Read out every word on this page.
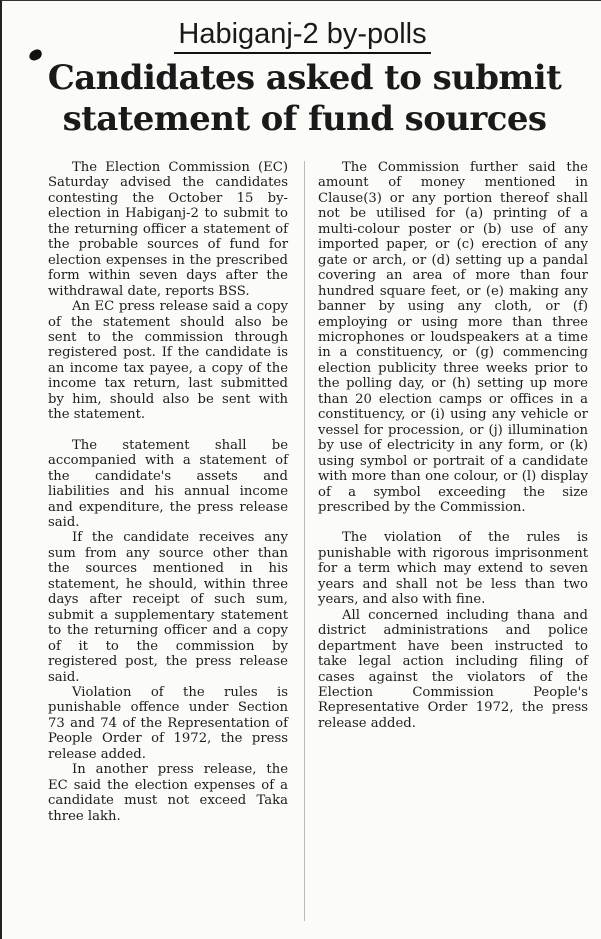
Habiganj-2 by-polls
Candidates asked to submit
statement of fund sources

The Election Commission (EC) Saturday advised the candidates contesting the October 15 by-election in Habiganj-2 to submit to the returning officer a statement of the probable sources of fund for election expenses in the prescribed form within seven days after the withdrawal date, reports BSS.

An EC press release said a copy of the statement should also be sent to the commission through registered post. If the candidate is an income tax payee, a copy of the income tax return, last submitted by him, should also be sent with the statement.

The statement shall be accompanied with a statement of the candidate's assets and liabilities and his annual income and expenditure, the press release said.

If the candidate receives any sum from any source other than the sources mentioned in his statement, he should, within three days after receipt of such sum, submit a supplementary statement to the returning officer and a copy of it to the commission by registered post, the press release said.

Violation of the rules is punishable offence under Section 73 and 74 of the Representation of People Order of 1972, the press release added.

In another press release, the EC said the election expenses of a candidate must not exceed Taka three lakh.

The Commission further said the amount of money mentioned in Clause(3) or any portion thereof shall not be utilised for (a) printing of a multi-colour poster or (b) use of any imported paper, or (c) erection of any gate or arch, or (d) setting up a pandal covering an area of more than four hundred square feet, or (e) making any banner by using any cloth, or (f) employing or using more than three microphones or loudspeakers at a time in a constituency, or (g) commencing election publicity three weeks prior to the polling day, or (h) setting up more than 20 election camps or offices in a constituency, or (i) using any vehicle or vessel for procession, or (j) illumination by use of electricity in any form, or (k) using symbol or portrait of a candidate with more than one colour, or (l) display of a symbol exceeding the size prescribed by the Commission.

The violation of the rules is punishable with rigorous imprisonment for a term which may extend to seven years and shall not be less than two years, and also with fine.

All concerned including thana and district administrations and police department have been instructed to take legal action including filing of cases against the violators of the Election Commission People's Representative Order 1972, the press release added.
